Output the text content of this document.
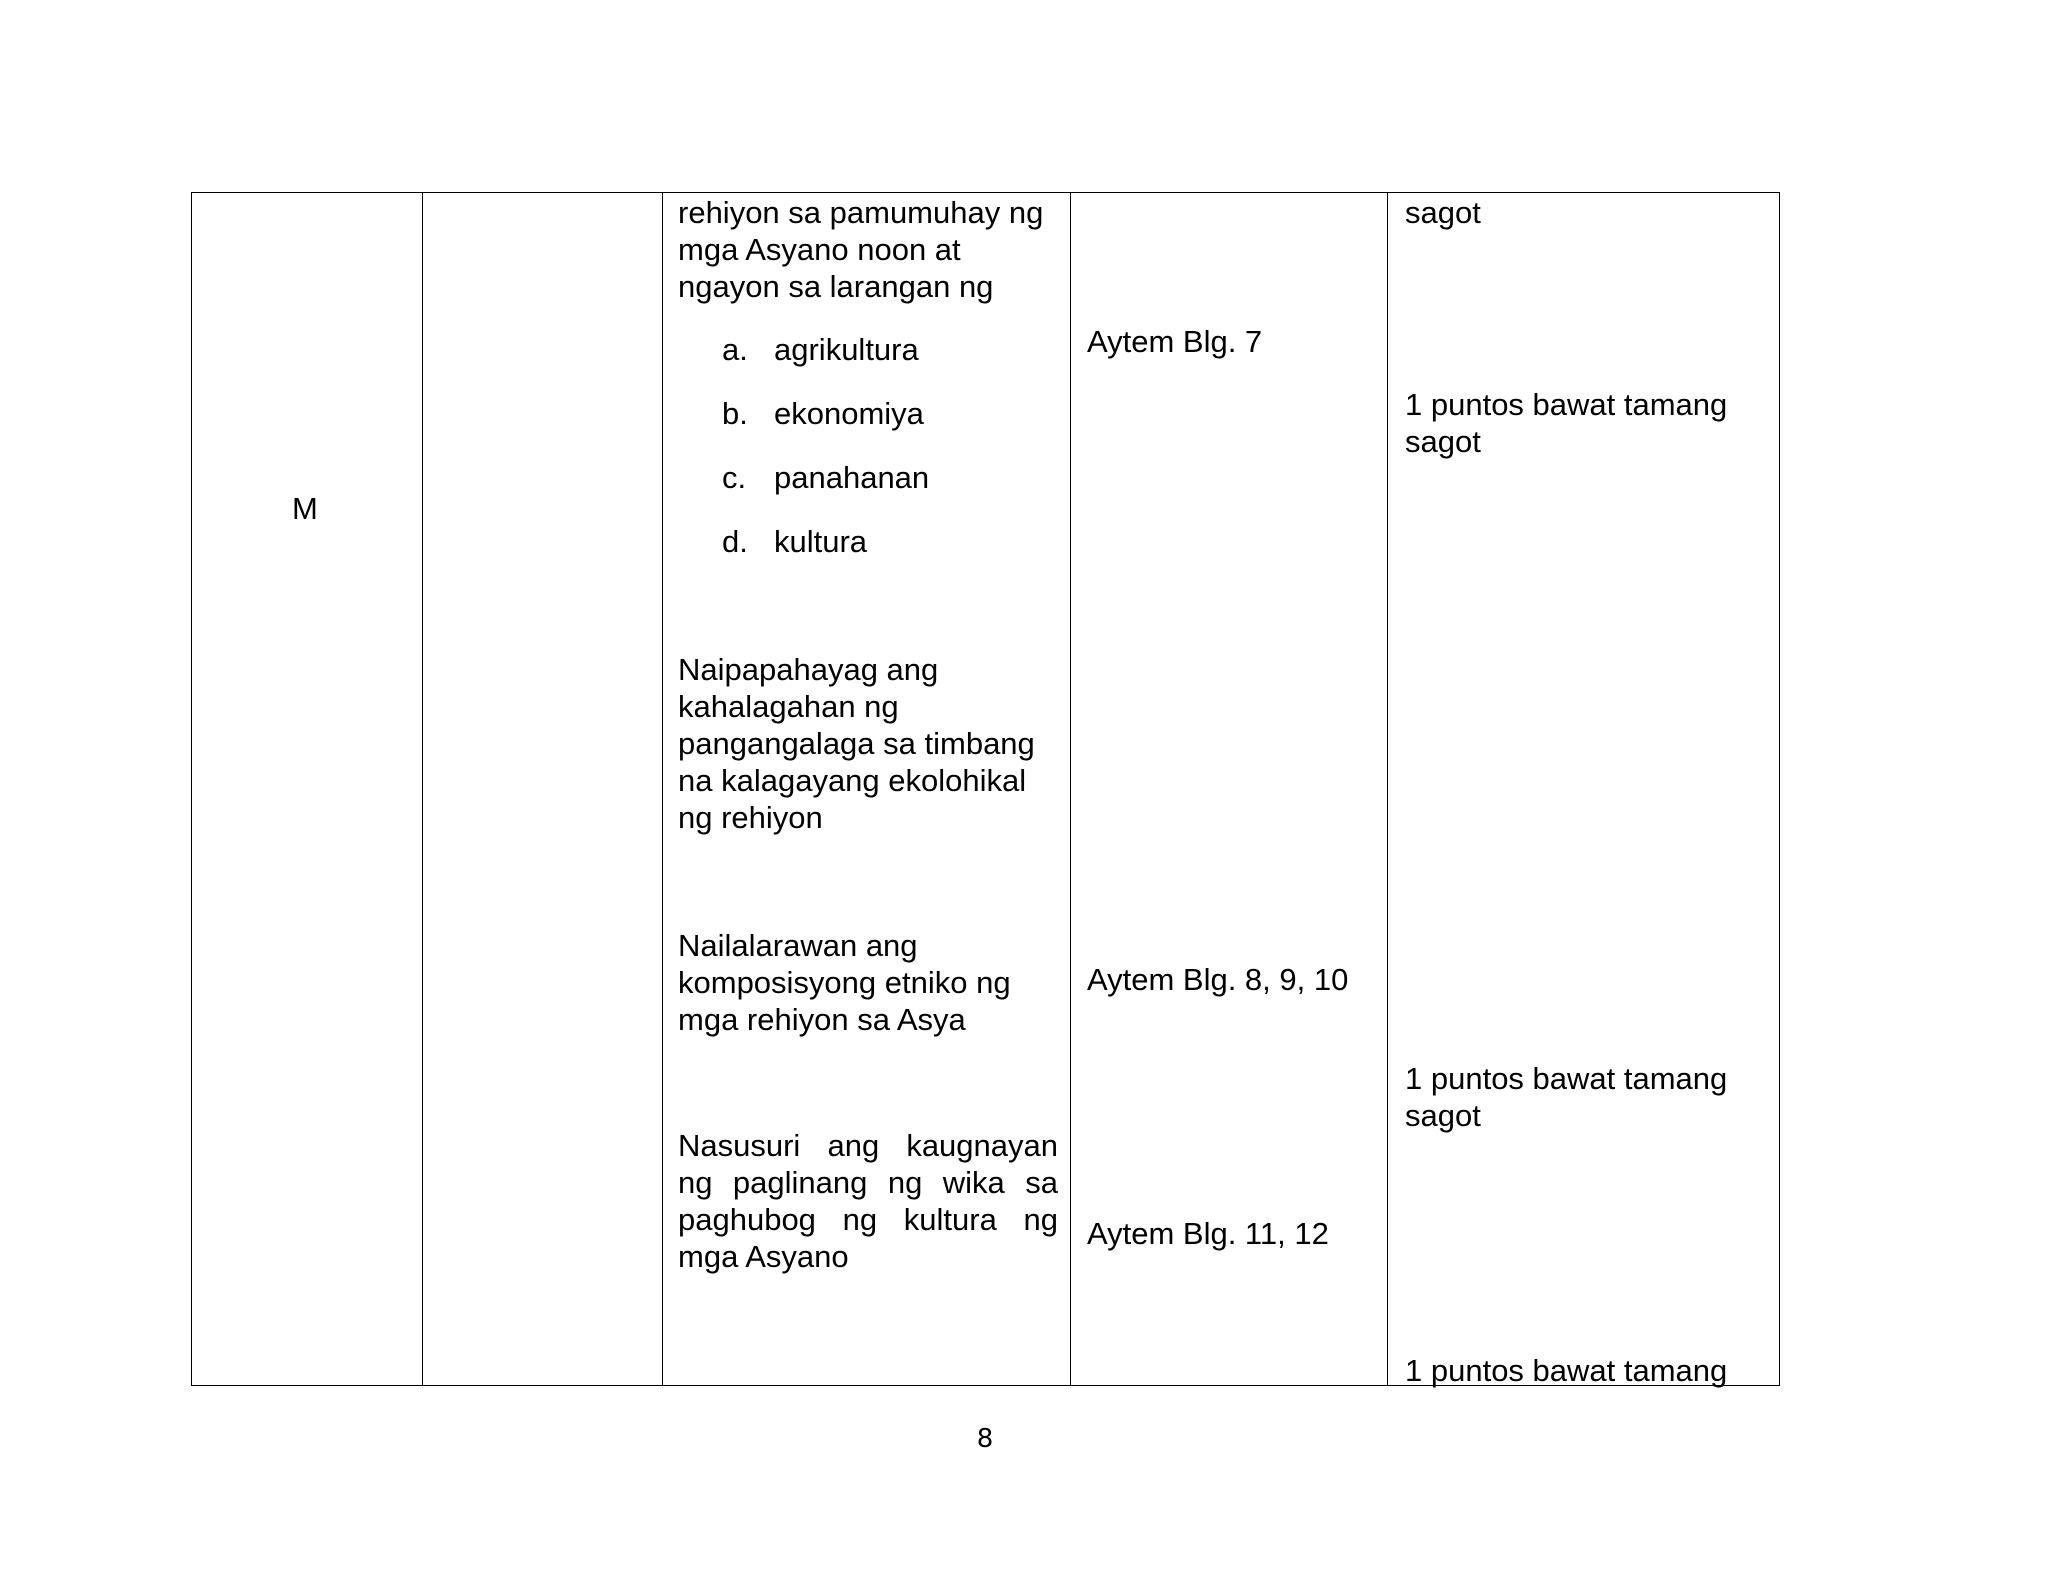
M
rehiyon sa pamumuhay ng mga Asyano noon at ngayon sa larangan ng
a. agrikultura
b. ekonomiya
c. panahanan
d. kultura
Naipapahayag ang kahalagahan ng pangangalaga sa timbang na kalagayang ekolohikal ng rehiyon
Nailalarawan ang komposisyong etniko ng mga rehiyon sa Asya
Nasusuri ang kaugnayan ng paglinang ng wika sa paghubog ng kultura ng mga Asyano
Aytem Blg. 7
Aytem Blg. 8, 9, 10
Aytem Blg. 11, 12
sagot
1 puntos bawat tamang sagot
1 puntos bawat tamang sagot
1 puntos bawat tamang
8
